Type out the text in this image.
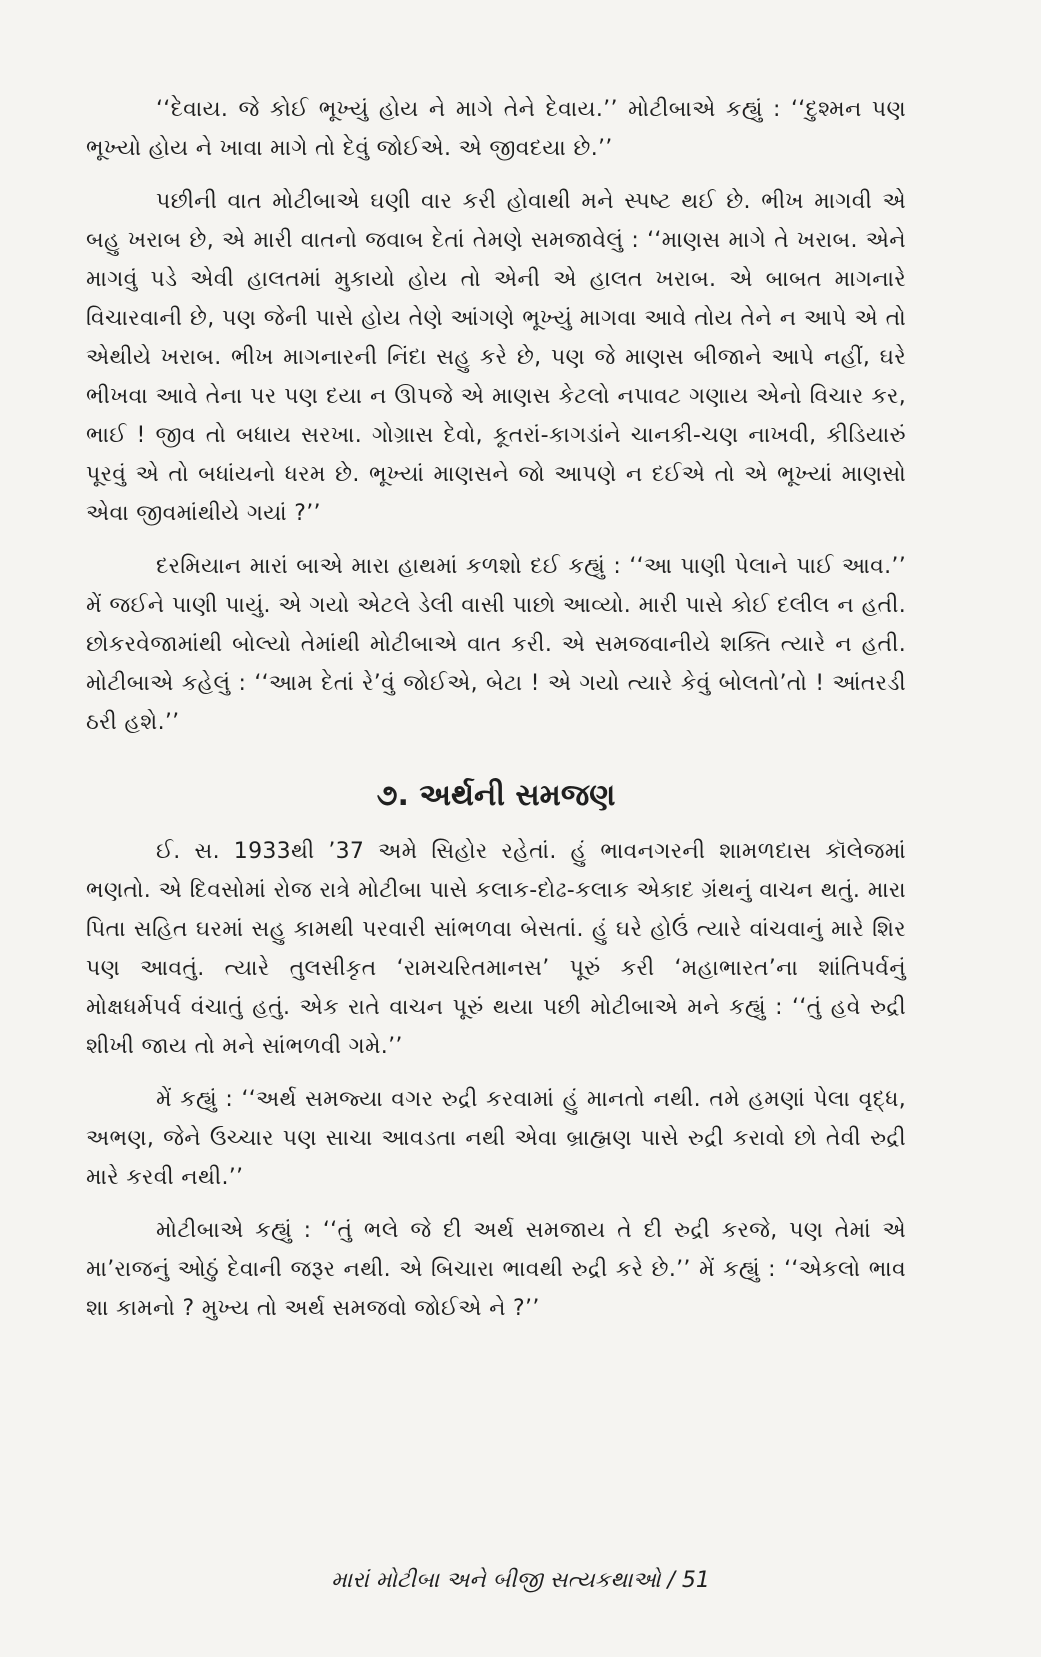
‘‘દેવાય. જે કોઈ ભૂખ્યું હોય ને માગે તેને દેવાય.’’ મોટીબાએ કહ્યું : ‘‘દુશ્મન પણ ભૂખ્યો હોય ને ખાવા માગે તો દેવું જોઈએ. એ જીવદયા છે.’’

પછીની વાત મોટીબાએ ઘણી વાર કરી હોવાથી મને સ્પષ્ટ થઈ છે. ભીખ માગવી એ બહુ ખરાબ છે, એ મારી વાતનો જવાબ દેતાં તેમણે સમજાવેલું : ‘‘માણસ માગે તે ખરાબ. એને માગવું પડે એવી હાલતમાં મુકાયો હોય તો એની એ હાલત ખરાબ. એ બાબત માગનારે વિચારવાની છે, પણ જેની પાસે હોય તેણે આંગણે ભૂખ્યું માગવા આવે તોય તેને ન આપે એ તો એથીયે ખરાબ. ભીખ માગનારની નિંદા સહુ કરે છે, પણ જે માણસ બીજાને આપે નહીં, ઘરે ભીખવા આવે તેના પર પણ દયા ન ઊપજે એ માણસ કેટલો નપાવટ ગણાય એનો વિચાર કર, ભાઈ ! જીવ તો બધાય સરખા. ગોગ્રાસ દેવો, કૂતરાં-કાગડાંને ચાનકી-ચણ નાખવી, કીડિયારું પૂરવું એ તો બધાંયનો ધરમ છે. ભૂખ્યાં માણસને જો આપણે ન દઈએ તો એ ભૂખ્યાં માણસો એવા જીવમાંથીયે ગયાં ?’’

દરમિયાન મારાં બાએ મારા હાથમાં કળશો દઈ કહ્યું : ‘‘આ પાણી પેલાને પાઈ આવ.’’ મેં જઈને પાણી પાયું. એ ગયો એટલે ડેલી વાસી પાછો આવ્યો. મારી પાસે કોઈ દલીલ ન હતી. છોકરવેજામાંથી બોલ્યો તેમાંથી મોટીબાએ વાત કરી. એ સમજવાનીયે શક્તિ ત્યારે ન હતી. મોટીબાએ કહેલું : ‘‘આમ દેતાં રે’વું જોઈએ, બેટા ! એ ગયો ત્યારે કેવું બોલતો’તો ! આંતરડી ઠરી હશે.’’

૭. અર્થની સમજણ

ઈ. સ. 1933થી ’37 અમે સિહોર રહેતાં. હું ભાવનગરની શામળદાસ કૉલેજમાં ભણતો. એ દિવસોમાં રોજ રાત્રે મોટીબા પાસે કલાક-દોઢ-કલાક એકાદ ગ્રંથનું વાચન થતું. મારા પિતા સહિત ઘરમાં સહુ કામથી પરવારી સાંભળવા બેસતાં. હું ઘરે હોઉં ત્યારે વાંચવાનું મારે શિર પણ આવતું. ત્યારે તુલસીકૃત ‘રામચરિતમાનસ’ પૂરું કરી ‘મહાભારત’ના શાંતિપર્વનું મોક્ષધર્મપર્વ વંચાતું હતું. એક રાતે વાચન પૂરું થયા પછી મોટીબાએ મને કહ્યું : ‘‘તું હવે રુદ્રી શીખી જાય તો મને સાંભળવી ગમે.’’

મેં કહ્યું : ‘‘અર્થ સમજ્યા વગર રુદ્રી કરવામાં હું માનતો નથી. તમે હમણાં પેલા વૃદ્ધ, અભણ, જેને ઉચ્ચાર પણ સાચા આવડતા નથી એવા બ્રાહ્મણ પાસે રુદ્રી કરાવો છો તેવી રુદ્રી મારે કરવી નથી.’’

મોટીબાએ કહ્યું : ‘‘તું ભલે જે દી અર્થ સમજાય તે દી રુદ્રી કરજે, પણ તેમાં એ મા’રાજનું ઓઠું દેવાની જરૂર નથી. એ બિચારા ભાવથી રુદ્રી કરે છે.’’ મેં કહ્યું : ‘‘એકલો ભાવ શા કામનો ? મુખ્ય તો અર્થ સમજવો જોઈએ ને ?’’

મારાં મોટીબા અને બીજી સત્યકથાઓ / 51
